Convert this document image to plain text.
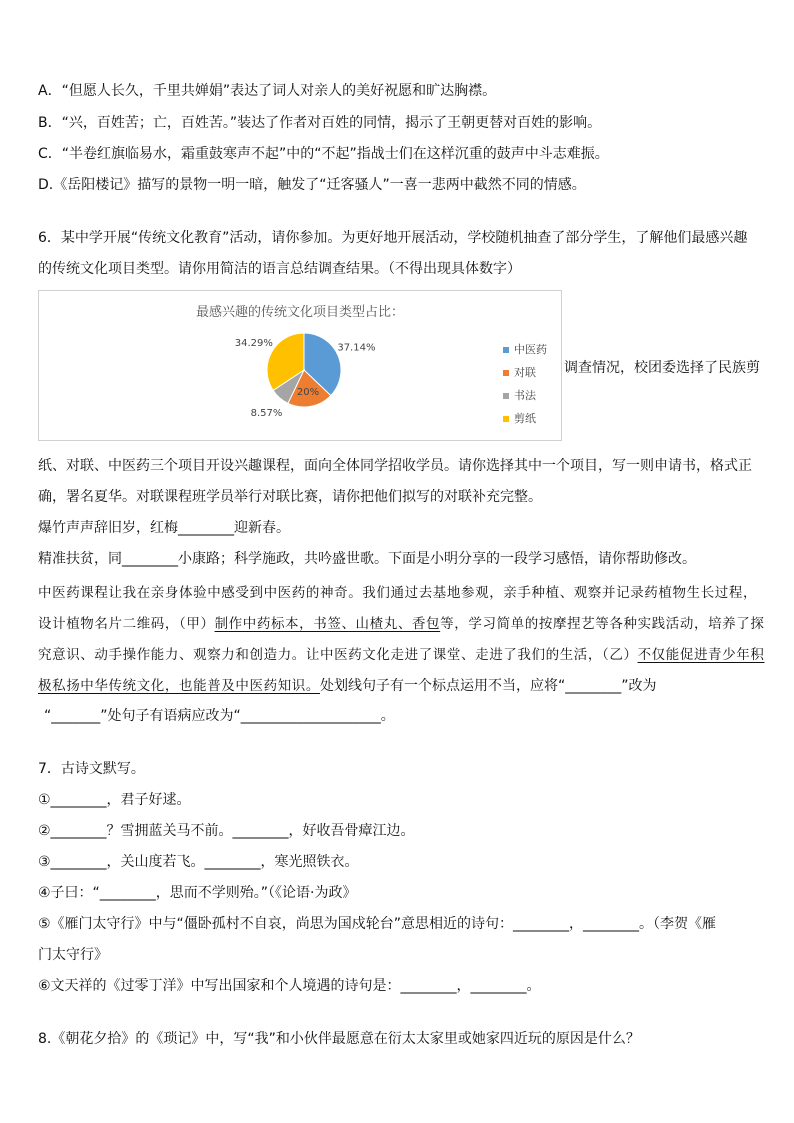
A．“但愿人长久，千里共婵娟”表达了词人对亲人的美好祝愿和旷达胸襟。
B．“兴，百姓苦；亡，百姓苦。”装达了作者对百姓的同情，揭示了王朝更替对百姓的影响。
C．“半卷红旗临易水，霜重鼓寒声不起”中的“不起”指战士们在这样沉重的鼓声中斗志难振。
D.《岳阳楼记》描写的景物一明一暗，触发了“迁客骚人”一喜一悲两中截然不同的情感。
6．某中学开展“传统文化教育”活动，请你参加。为更好地开展活动，学校随机抽查了部分学生，了解他们最感兴趣
的传统文化项目类型。请你用简洁的语言总结调查结果。（不得出现具体数字）
最感兴趣的传统文化项目类型占比：
37.14%
20%
8.57%
34.29%	中医药
对联
书法
剪纸
调查情况，校团委选择了民族剪
纸、对联、中医药三个项目开设兴趣课程，面向全体同学招收学员。请你选择其中一个项目，写一则申请书，格式正
确，署名夏华。对联课程班学员举行对联比赛，请你把他们拟写的对联补充完整。
爆竹声声辞旧岁，红梅________迎新春。
精准扶贫，同________小康路；科学施政，共吟盛世歌。下面是小明分享的一段学习感悟，请你帮助修改。
中医药课程让我在亲身体验中感受到中医药的神奇。我们通过去基地参观，亲手种植、观察并记录药植物生长过程，
设计植物名片二维码，（甲）制作中药标本，书签、山楂丸、香包等，学习简单的按摩捏艺等各种实践活动，培养了探
究意识、动手操作能力、观察力和创造力。让中医药文化走进了课堂、走进了我们的生活，（乙）不仅能促进青少年积
极私扬中华传统文化，也能普及中医药知识。处划线句子有一个标点运用不当，应将“________”改为
“_______”处句子有语病应改为“____________________。
7．古诗文默写。
①________，君子好逑。
②________？雪拥蓝关马不前。________，好收吾骨瘴江边。
③________，关山度若飞。________，寒光照铁衣。
④子曰：“________，思而不学则殆。”（《论语·为政》
⑤《雁门太守行》中与“僵卧孤村不自哀，尚思为国戍轮台”意思相近的诗句：________，________。（李贺《雁
门太守行》
⑥文天祥的《过零丁洋》中写出国家和个人境遇的诗句是：________，________。
8.《朝花夕拾》的《琐记》中，写“我”和小伙伴最愿意在衍太太家里或她家四近玩的原因是什么？
